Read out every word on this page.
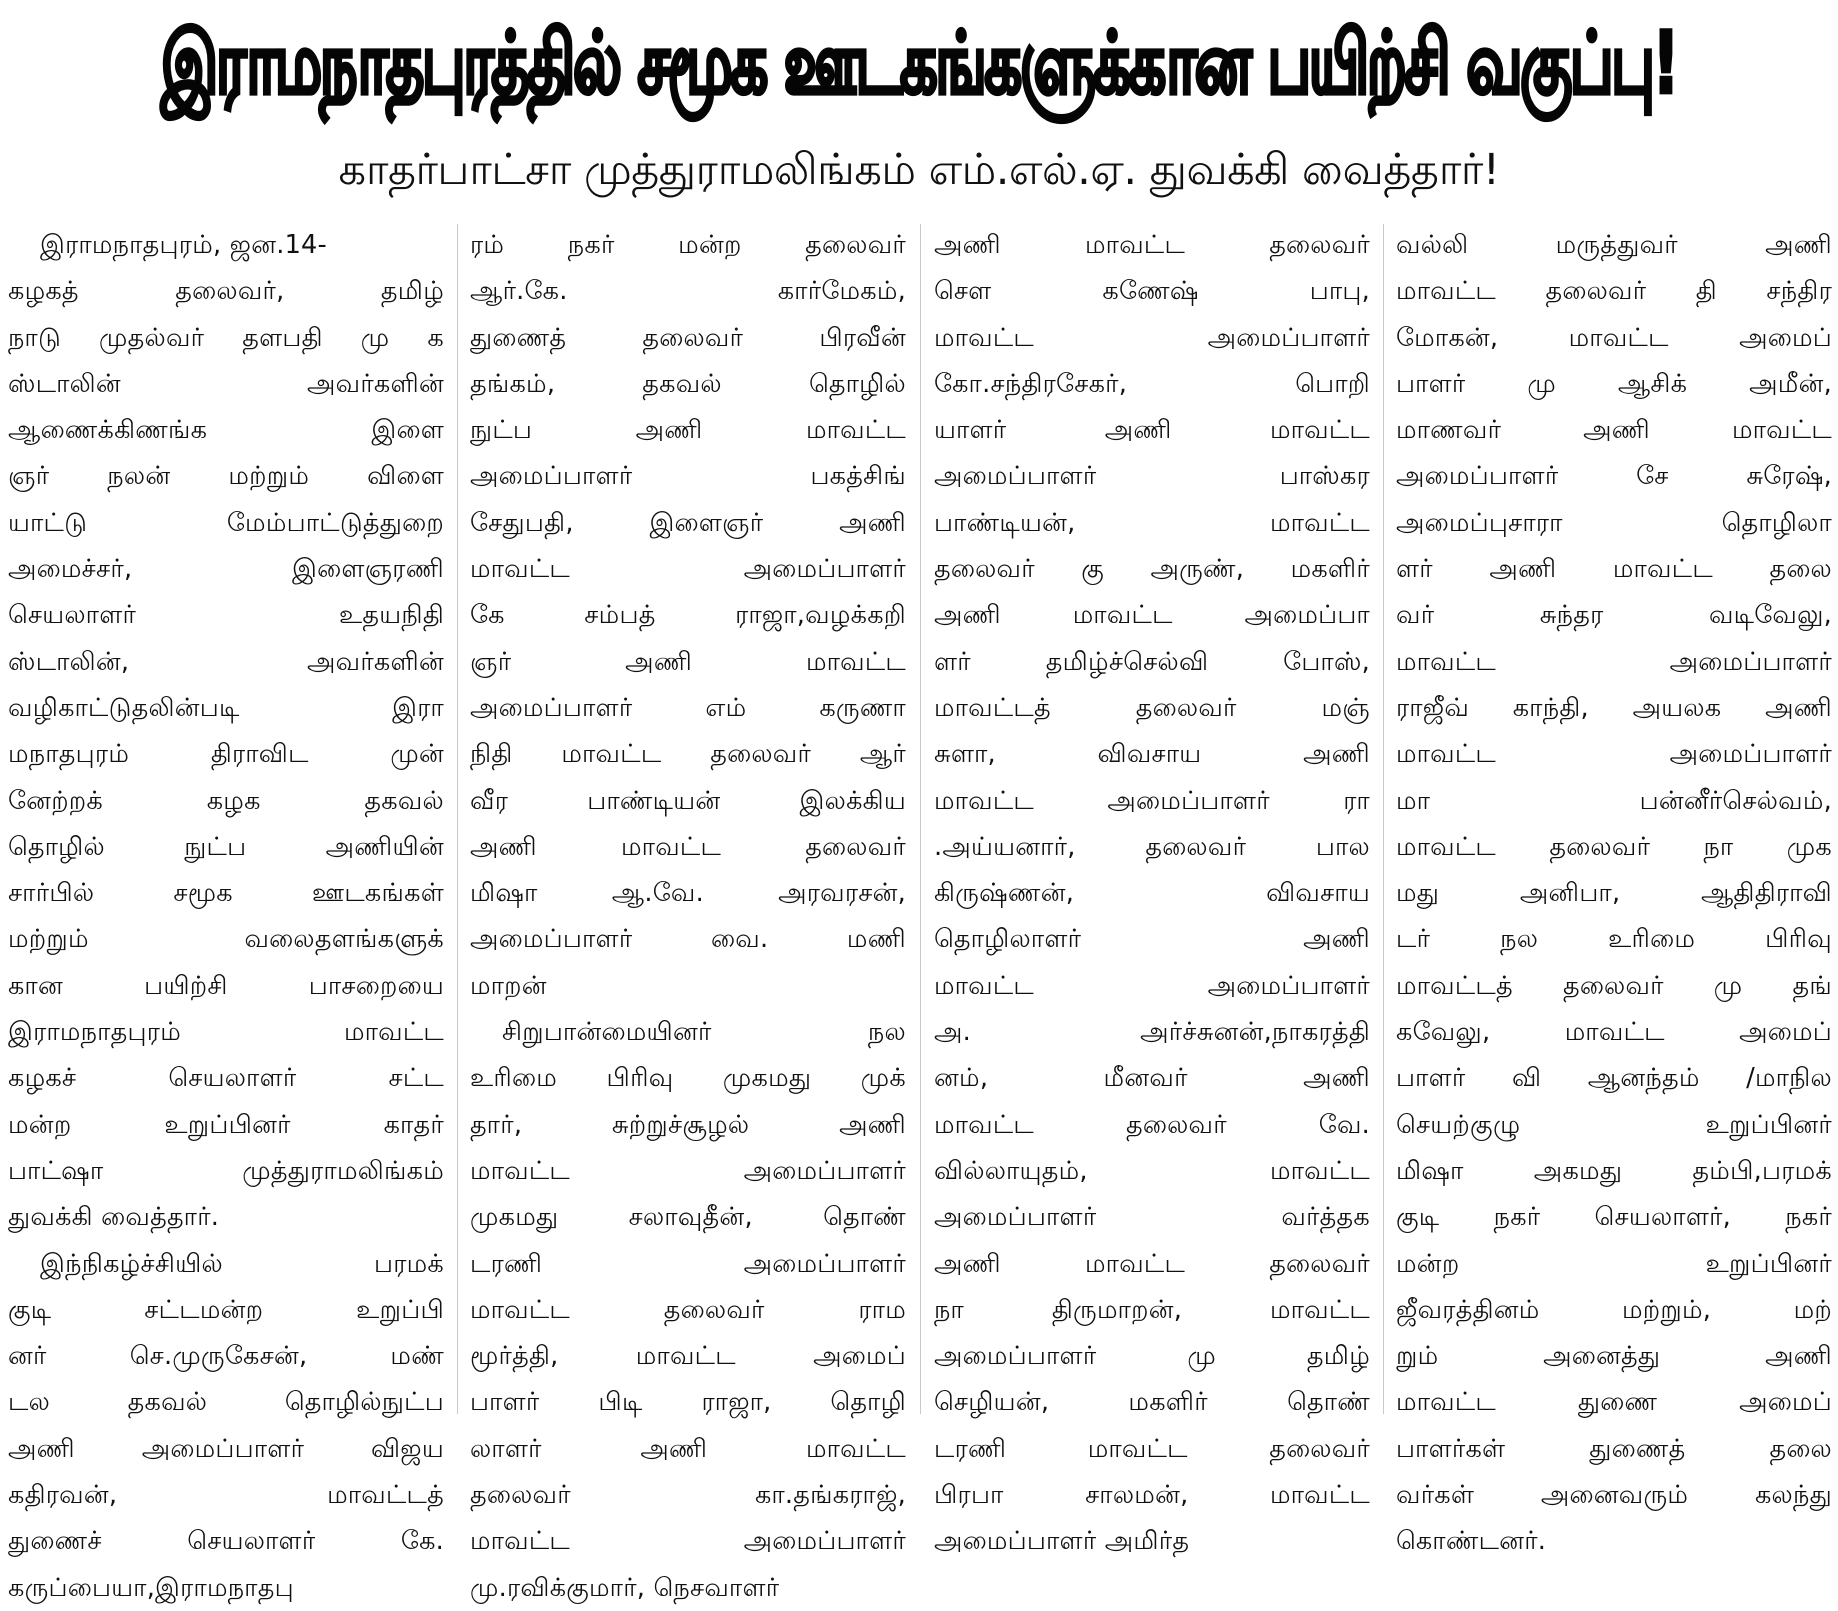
இராமநாதபுரத்தில் சமூக ஊடகங்களுக்கான பயிற்சி வகுப்பு!
காதர்பாட்சா முத்துராமலிங்கம் எம்.எல்.ஏ. துவக்கி வைத்தார்!
இராமநாதபுரம், ஜன.14-
கழகத் தலைவர், தமிழ்
நாடு முதல்வர் தளபதி மு க
ஸ்டாலின் அவர்களின்
ஆணைக்கிணங்க இளை
ஞர் நலன் மற்றும் விளை
யாட்டு மேம்பாட்டுத்துறை
அமைச்சர், இளைஞரணி
செயலாளர் உதயநிதி
ஸ்டாலின், அவர்களின்
வழிகாட்டுதலின்படி இரா
மநாதபுரம் திராவிட முன்
னேற்றக் கழக தகவல்
தொழில் நுட்ப அணியின்
சார்பில் சமூக ஊடகங்கள்
மற்றும் வலைதளங்களுக்
கான பயிற்சி பாசறையை
இராமநாதபுரம் மாவட்ட
கழகச் செயலாளர் சட்ட
மன்ற உறுப்பினர் காதர்
பாட்ஷா முத்துராமலிங்கம்
துவக்கி வைத்தார்.
இந்நிகழ்ச்சியில் பரமக்
குடி சட்டமன்ற உறுப்பி
னர் செ.முருகேசன், மண்
டல தகவல் தொழில்நுட்ப
அணி அமைப்பாளர் விஜய
கதிரவன், மாவட்டத்
துணைச் செயலாளர் கே.
கருப்பையா,இராமநாதபு
ரம் நகர் மன்ற தலைவர்
ஆர்.கே. கார்மேகம்,
துணைத் தலைவர் பிரவீன்
தங்கம், தகவல் தொழில்
நுட்ப அணி மாவட்ட
அமைப்பாளர் பகத்சிங்
சேதுபதி, இளைஞர் அணி
மாவட்ட அமைப்பாளர்
கே சம்பத் ராஜா,வழக்கறி
ஞர் அணி மாவட்ட
அமைப்பாளர் எம் கருணா
நிதி மாவட்ட தலைவர் ஆர்
வீர பாண்டியன் இலக்கிய
அணி மாவட்ட தலைவர்
மிஷா ஆ.வே. அரவரசன்,
அமைப்பாளர் வை. மணி
மாறன்
சிறுபான்மையினர் நல
உரிமை பிரிவு முகமது முக்
தார், சுற்றுச்சூழல் அணி
மாவட்ட அமைப்பாளர்
முகமது சலாவுதீன், தொண்
டரணி அமைப்பாளர்
மாவட்ட தலைவர் ராம
மூர்த்தி, மாவட்ட அமைப்
பாளர் பிடி ராஜா, தொழி
லாளர் அணி மாவட்ட
தலைவர் கா.தங்கராஜ்,
மாவட்ட அமைப்பாளர்
மு.ரவிக்குமார், நெசவாளர்
அணி மாவட்ட தலைவர்
சௌ கணேஷ் பாபு,
மாவட்ட அமைப்பாளர்
கோ.சந்திரசேகர், பொறி
யாளர் அணி மாவட்ட
அமைப்பாளர் பாஸ்கர
பாண்டியன், மாவட்ட
தலைவர் கு அருண், மகளிர்
அணி மாவட்ட அமைப்பா
ளர் தமிழ்ச்செல்வி போஸ்,
மாவட்டத் தலைவர் மஞ்
சுளா, விவசாய அணி
மாவட்ட அமைப்பாளர் ரா
.அய்யனார், தலைவர் பால
கிருஷ்ணன், விவசாய
தொழிலாளர் அணி
மாவட்ட அமைப்பாளர்
அ. அர்ச்சுனன்,நாகரத்தி
னம், மீனவர் அணி
மாவட்ட தலைவர் வே.
வில்லாயுதம், மாவட்ட
அமைப்பாளர் வர்த்தக
அணி மாவட்ட தலைவர்
நா திருமாறன், மாவட்ட
அமைப்பாளர் மு தமிழ்
செழியன், மகளிர் தொண்
டரணி மாவட்ட தலைவர்
பிரபா சாலமன், மாவட்ட
அமைப்பாளர் அமிர்த
வல்லி மருத்துவர் அணி
மாவட்ட தலைவர் தி சந்திர
மோகன், மாவட்ட அமைப்
பாளர் மு ஆசிக் அமீன்,
மாணவர் அணி மாவட்ட
அமைப்பாளர் சே சுரேஷ்,
அமைப்புசாரா தொழிலா
ளர் அணி மாவட்ட தலை
வர் சுந்தர வடிவேலு,
மாவட்ட அமைப்பாளர்
ராஜீவ் காந்தி, அயலக அணி
மாவட்ட அமைப்பாளர்
மா பன்னீர்செல்வம்,
மாவட்ட தலைவர் நா முக
மது அனிபா, ஆதிதிராவி
டர் நல உரிமை பிரிவு
மாவட்டத் தலைவர் மு தங்
கவேலு, மாவட்ட அமைப்
பாளர் வி ஆனந்தம் /மாநில
செயற்குழு உறுப்பினர்
மிஷா அகமது தம்பி,பரமக்
குடி நகர் செயலாளர், நகர்
மன்ற உறுப்பினர்
ஜீவரத்தினம் மற்றும், மற்
றும் அனைத்து அணி
மாவட்ட துணை அமைப்
பாளர்கள் துணைத் தலை
வர்கள் அனைவரும் கலந்து
கொண்டனர்.
